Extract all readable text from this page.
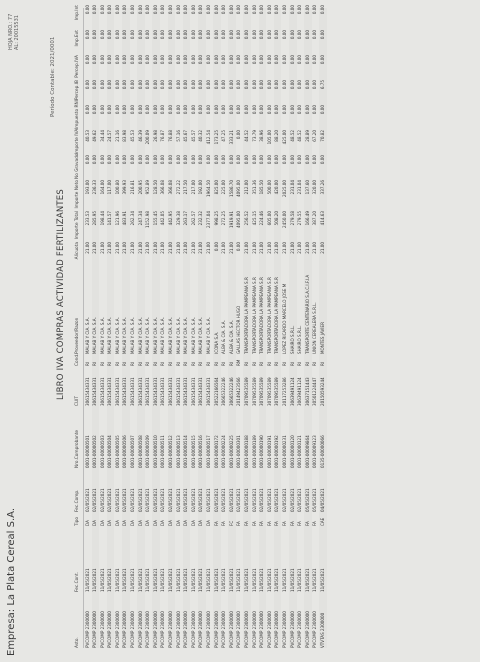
Empresa: La Plata Cereal S.A.
HOJA NRO.: 77 AL: 20015531
LIBRO IVA COMPRAS ACTIVIDAD FERTILIZANTES
Período Contable: 2021/0001
Asto.
Fec.Cont.
Tipo
Fec.Comp.
Nro.Comprobante
CUIT
Cond.
Proveedor/Razon
Alicuota
Importe Total
Importe Neto
No Gravado
Importe IVA
Impuesto RNI
Percep.IB
Percep.IVA
Imp.Ext
Imp.Int
PVCOMP 2300000
11/05/2021
DA
02/05/2021
0001-00000501
30615434331
RI
MALAB Y CIA. S.A.
21.00
233.53
193.00
0.00
40.53
0.00
0.00
0.00
0.00
0.00
PVCOMP 2300000
11/05/2021
DA
02/05/2021
0001-00000502
30615434331
RI
MALAB Y CIA. S.A.
21.00
285.95
236.33
0.00
49.62
0.00
0.00
0.00
0.00
0.00
PVCOMP 2300000
11/05/2021
DA
02/05/2021
0001-00000503
30615434331
RI
MALAB Y CIA. S.A.
21.00
198.44
164.00
0.00
34.44
0.00
0.00
0.00
0.00
0.00
PVCOMP 2300000
11/05/2021
DA
02/05/2021
0001-00000504
30615434331
RI
MALAB Y CIA. S.A.
21.00
141.57
117.00
0.00
24.57
0.00
0.00
0.00
0.00
0.00
PVCOMP 2300000
11/05/2021
DA
02/05/2021
0001-00000505
30615434331
RI
MALAB Y CIA. S.A.
21.00
121.96
100.80
0.00
21.16
0.00
0.00
0.00
0.00
0.00
PVCOMP 2300000
11/05/2021
DA
02/05/2021
0001-00000506
30615434331
RI
MALAB Y CIA. S.A.
21.00
483.91
399.93
0.00
83.98
0.00
0.00
0.00
0.00
0.00
PVCOMP 2300000
11/05/2021
DA
02/05/2021
0001-00000507
30615434331
RI
MALAB Y CIA. S.A.
21.00
262.34
216.81
0.00
45.53
0.00
0.00
0.00
0.00
0.00
PVCOMP 2300000
11/05/2021
DA
02/05/2021
0001-00000508
30615434331
RI
MALAB Y CIA. S.A.
21.00
247.34
200.95
0.00
46.39
0.00
0.00
0.00
0.00
0.00
PVCOMP 2300000
11/05/2021
DA
02/05/2021
0001-00000509
30615434331
RI
MALAB Y CIA. S.A.
21.00
1152.98
952.89
0.00
200.09
0.00
0.00
0.00
0.00
0.00
PVCOMP 2300000
11/05/2021
DA
02/05/2021
0001-00000510
30615434331
RI
MALAB Y CIA. S.A.
21.00
155.45
128.50
0.00
26.98
0.00
0.00
0.00
0.00
0.00
PVCOMP 2300000
11/05/2021
DA
02/05/2021
0001-00000511
30615434331
RI
MALAB Y CIA. S.A.
21.00
442.05
366.08
0.00
76.87
0.00
0.00
0.00
0.00
0.00
PVCOMP 2300000
11/05/2021
DA
02/05/2021
0001-00000512
30615434331
RI
MALAB Y CIA. S.A.
21.00
442.95
366.08
0.00
76.88
0.00
0.00
0.00
0.00
0.00
PVCOMP 2300000
11/05/2021
DA
02/05/2021
0001-00000513
30615434331
RI
MALAB Y CIA. S.A.
21.00
329.38
272.22
0.00
57.16
0.00
0.00
0.00
0.00
0.00
PVCOMP 2300000
11/05/2021
DA
02/05/2021
0001-00000514
30615434331
RI
MALAB Y CIA. S.A.
21.00
263.17
217.50
0.00
45.67
0.00
0.00
0.00
0.00
0.00
PVCOMP 2300000
11/05/2021
DA
02/05/2021
0001-00000515
30615434331
RI
MALAB Y CIA. S.A.
21.00
262.57
217.00
0.00
45.57
0.00
0.00
0.00
0.00
0.00
PVCOMP 2300000
11/05/2021
DA
02/05/2021
0001-00000516
30615434331
RI
MALAB Y CIA. S.A.
21.00
232.32
192.00
0.00
40.32
0.00
0.00
0.00
0.00
0.00
PVCOMP 2300000
11/05/2021
DA
02/05/2021
0001-00000517
30615434331
RI
MALAB Y CIA. S.A.
21.00
2377.04
1964.50
0.00
412.54
0.00
0.00
0.00
0.00
0.00
PVCOMP 2300000
11/05/2021
FA
02/05/2021
0001-00000172
30522166564
RI
ICONA S.A.
0.00
998.25
825.00
0.00
173.25
0.00
0.00
0.00
0.00
0.00
PVCOMP 2300000
11/05/2021
FA
02/05/2021
0001-00000224
30665322246
RI
ALBA & CIA. S.A.
21.00
272.25
225.00
0.00
47.25
0.00
0.00
0.00
0.00
0.00
PVCOMP 2300000
11/05/2021
FC
02/05/2021
0001-00000225
30665322246
RI
ALBA & CIA. S.A.
21.00
1919.91
1586.70
0.00
333.21
0.00
0.00
0.00
0.00
0.00
PVCOMP 2300000
11/05/2021
FA
02/05/2021
0001-00000301
20149423566
RM
GALLAS HECTOR HUGO
0.00
4095.00
4095.00
0.00
0.00
0.00
0.00
0.00
0.00
0.00
PVCOMP 2300000
11/05/2021
FA
02/05/2021
0001-00000188
30709535589
RI
TRANSPORTADORA LA PAMPEANA S.R
21.00
256.52
212.00
0.00
44.52
0.00
0.00
0.00
0.00
0.00
PVCOMP 2300000
11/05/2021
FA
02/05/2021
0001-00000189
30709535589
RI
TRANSPORTADORA LA PAMPEANA S.R
21.00
425.15
351.36
0.00
73.79
0.00
0.00
0.00
0.00
0.00
PVCOMP 2300000
11/05/2021
FA
02/05/2021
0001-00000190
30709535589
RI
TRANSPORTADORA LA PAMPEANA S.R
21.00
224.46
185.50
0.00
38.96
0.00
0.00
0.00
0.00
0.00
PVCOMP 2300000
11/05/2021
FA
02/05/2021
0001-00000191
30709535589
RI
TRANSPORTADORA LA PAMPEANA S.R
21.00
605.00
500.00
0.00
105.00
0.00
0.00
0.00
0.00
0.00
PVCOMP 2300000
11/05/2021
FA
02/05/2021
0001-00000192
30709535589
RI
TRANSPORTADORA LA PAMPEANA S.R
21.00
508.20
420.00
0.00
88.20
0.00
0.00
0.00
0.00
0.00
PVCOMP 2300000
11/05/2021
FA
02/05/2021
0001-00000231
20117253286
RI
LOPEZ RICARDO MARCELO JOSE M
21.00
2450.00
2025.00
0.00
425.00
0.00
0.00
0.00
0.00
0.00
PVCOMP 2300000
11/05/2021
FA
02/05/2021
0001-00000120
30639491124
RI
SHAIRO S.R.L.
21.00
279.58
231.04
0.00
48.52
0.00
0.00
0.00
0.00
0.00
PVCOMP 2300000
11/05/2021
FA
02/05/2021
0001-00000121
30639491124
RI
SHAIRO S.R.L.
21.00
279.55
231.04
0.00
48.52
0.00
0.00
0.00
0.00
0.00
PVCOMP 2300000
11/05/2021
FA
05/05/2021
0001-00009864
30637151443
RI
TRANSPORTE CENTENARIO S.A.C.I.F.I.A
21.00
166.49
137.60
0.00
28.89
0.00
0.00
0.00
0.00
0.00
PVCOMP 2300000
11/05/2021
FA
05/05/2021
0001-00009123
30501224447
RI
UNION CEREALERA S.R.L.
21.00
387.20
320.00
0.00
67.20
0.00
0.00
0.00
0.00
0.00
VTVTAS 2300000
11/05/2021
CAE
04/05/2021
0135-00000066
20150593244
RI
MONTES JAVIER
21.00
414.63
337.26
0.00
70.82
0.00
6.75
0.00
0.00
0.00
